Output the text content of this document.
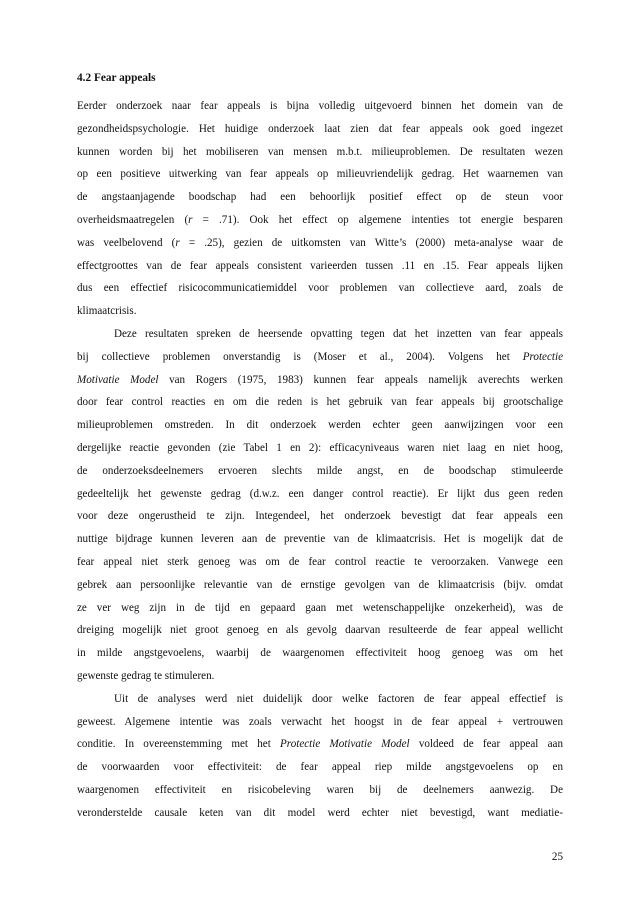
4.2 Fear appeals
Eerder onderzoek naar fear appeals is bijna volledig uitgevoerd binnen het domein van de
gezondheidspsychologie. Het huidige onderzoek laat zien dat fear appeals ook goed ingezet
kunnen worden bij het mobiliseren van mensen m.b.t. milieuproblemen. De resultaten wezen
op een positieve uitwerking van fear appeals op milieuvriendelijk gedrag. Het waarnemen van
de angstaanjagende boodschap had een behoorlijk positief effect op de steun voor
overheidsmaatregelen (r = .71). Ook het effect op algemene intenties tot energie besparen
was veelbelovend (r = .25), gezien de uitkomsten van Witte’s (2000) meta-analyse waar de
effectgroottes van de fear appeals consistent varieerden tussen .11 en .15. Fear appeals lijken
dus een effectief risicocommunicatiemiddel voor problemen van collectieve aard, zoals de
klimaatcrisis.
Deze resultaten spreken de heersende opvatting tegen dat het inzetten van fear appeals
bij collectieve problemen onverstandig is (Moser et al., 2004). Volgens het Protectie
Motivatie Model van Rogers (1975, 1983) kunnen fear appeals namelijk averechts werken
door fear control reacties en om die reden is het gebruik van fear appeals bij grootschalige
milieuproblemen omstreden. In dit onderzoek werden echter geen aanwijzingen voor een
dergelijke reactie gevonden (zie Tabel 1 en 2): efficacyniveaus waren niet laag en niet hoog,
de onderzoeksdeelnemers ervoeren slechts milde angst, en de boodschap stimuleerde
gedeeltelijk het gewenste gedrag (d.w.z. een danger control reactie). Er lijkt dus geen reden
voor deze ongerustheid te zijn. Integendeel, het onderzoek bevestigt dat fear appeals een
nuttige bijdrage kunnen leveren aan de preventie van de klimaatcrisis. Het is mogelijk dat de
fear appeal niet sterk genoeg was om de fear control reactie te veroorzaken. Vanwege een
gebrek aan persoonlijke relevantie van de ernstige gevolgen van de klimaatcrisis (bijv. omdat
ze ver weg zijn in de tijd en gepaard gaan met wetenschappelijke onzekerheid), was de
dreiging mogelijk niet groot genoeg en als gevolg daarvan resulteerde de fear appeal wellicht
in milde angstgevoelens, waarbij de waargenomen effectiviteit hoog genoeg was om het
gewenste gedrag te stimuleren.
Uit de analyses werd niet duidelijk door welke factoren de fear appeal effectief is
geweest. Algemene intentie was zoals verwacht het hoogst in de fear appeal + vertrouwen
conditie. In overeenstemming met het Protectie Motivatie Model voldeed de fear appeal aan
de voorwaarden voor effectiviteit: de fear appeal riep milde angstgevoelens op en
waargenomen effectiviteit en risicobeleving waren bij de deelnemers aanwezig. De
veronderstelde causale keten van dit model werd echter niet bevestigd, want mediatie-
25
